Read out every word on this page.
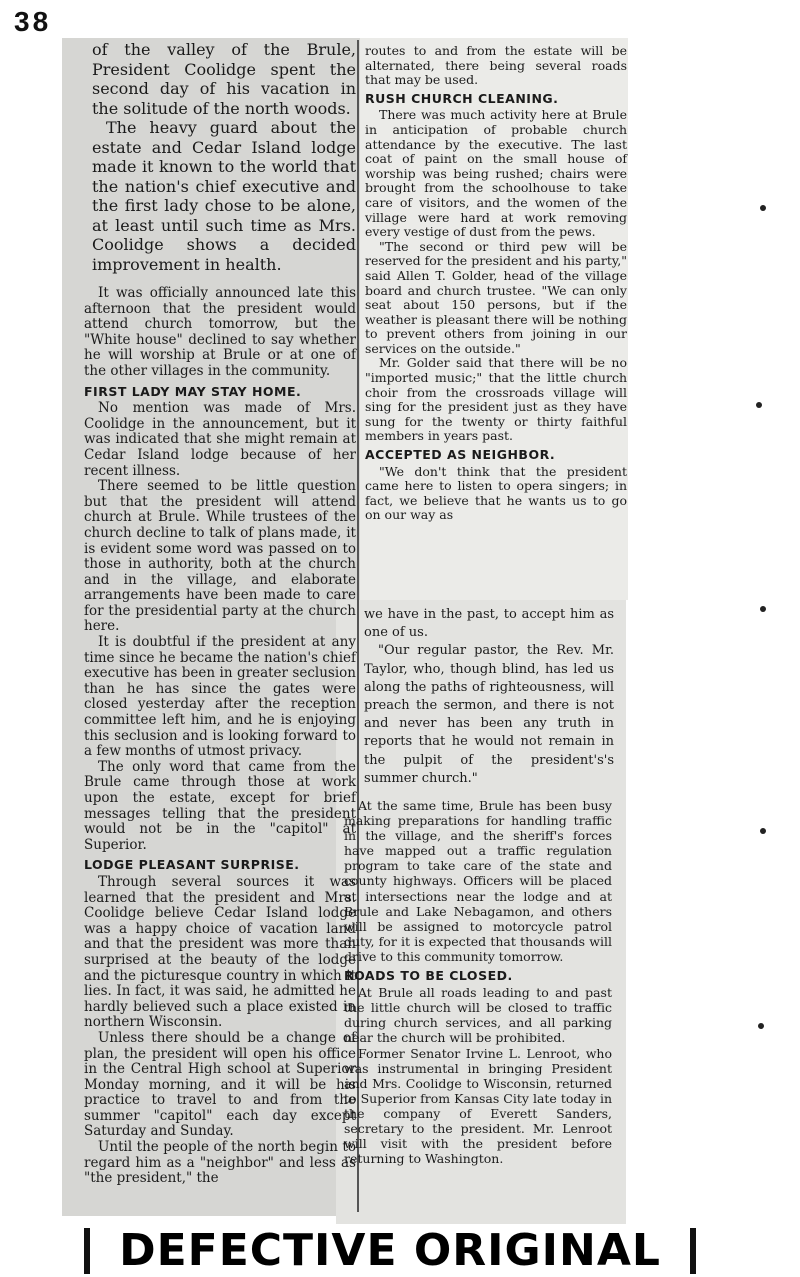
38

of the valley of the Brule, President Coolidge spent the second day of his vacation in the solitude of the north woods.

The heavy guard about the estate and Cedar Island lodge made it known to the world that the nation's chief executive and the first lady chose to be alone, at least until such time as Mrs. Coolidge shows a decided improvement in health.

It was officially announced late this afternoon that the president would attend church tomorrow, but the "White house" declined to say whether he will worship at Brule or at one of the other villages in the community.

FIRST LADY MAY STAY HOME.

No mention was made of Mrs. Coolidge in the announcement, but it was indicated that she might remain at Cedar Island lodge because of her recent illness.

There seemed to be little question but that the president will attend church at Brule. While trustees of the church decline to talk of plans made, it is evident some word was passed on to those in authority, both at the church and in the village, and elaborate arrangements have been made to care for the presidential party at the church here.

It is doubtful if the president at any time since he became the nation's chief executive has been in greater seclusion than he has since the gates were closed yesterday after the reception committee left him, and he is enjoying this seclusion and is looking forward to a few months of utmost privacy.

The only word that came from the Brule came through those at work upon the estate, except for brief messages telling that the president would not be in the "capitol" at Superior.

LODGE PLEASANT SURPRISE.

Through several sources it was learned that the president and Mrs. Coolidge believe Cedar Island lodge was a happy choice of vacation land and that the president was more than surprised at the beauty of the lodge and the picturesque country in which it lies. In fact, it was said, he admitted he hardly believed such a place existed in northern Wisconsin.

Unless there should be a change of plan, the president will open his office in the Central High school at Superior Monday morning, and it will be his practice to travel to and from the summer "capitol" each day except Saturday and Sunday.

Until the people of the north begin to regard him as a "neighbor" and less as "the president," the

routes to and from the estate will be alternated, there being several roads that may be used.

RUSH CHURCH CLEANING.

There was much activity here at Brule in anticipation of probable church attendance by the executive. The last coat of paint on the small house of worship was being rushed; chairs were brought from the schoolhouse to take care of visitors, and the women of the village were hard at work removing every vestige of dust from the pews.

"The second or third pew will be reserved for the president and his party," said Allen T. Golder, head of the village board and church trustee. "We can only seat about 150 persons, but if the weather is pleasant there will be nothing to prevent others from joining in our services on the outside."

Mr. Golder said that there will be no "imported music;" that the little church choir from the crossroads village will sing for the president just as they have sung for the twenty or thirty faithful members in years past.

ACCEPTED AS NEIGHBOR.

"We don't think that the president came here to listen to opera singers; in fact, we believe that he wants us to go on our way as

we have in the past, to accept him as one of us.

"Our regular pastor, the Rev. Mr. Taylor, who, though blind, has led us along the paths of righteousness, will preach the sermon, and there is not and never has been any truth in reports that he would not remain in the pulpit of the president's's summer church."

At the same time, Brule has been busy making preparations for handling traffic in the village, and the sheriff's forces have mapped out a traffic regulation program to take care of the state and county highways. Officers will be placed at intersections near the lodge and at Brule and Lake Nebagamon, and others will be assigned to motorcycle patrol duty, for it is expected that thousands will drive to this community tomorrow.

ROADS TO BE CLOSED.

At Brule all roads leading to and past the little church will be closed to traffic during church services, and all parking near the church will be prohibited.

Former Senator Irvine L. Lenroot, who was instrumental in bringing President and Mrs. Coolidge to Wisconsin, returned to Superior from Kansas City late today in the company of Everett Sanders, secretary to the president. Mr. Lenroot will visit with the president before returning to Washington.

DEFECTIVE ORIGINAL
